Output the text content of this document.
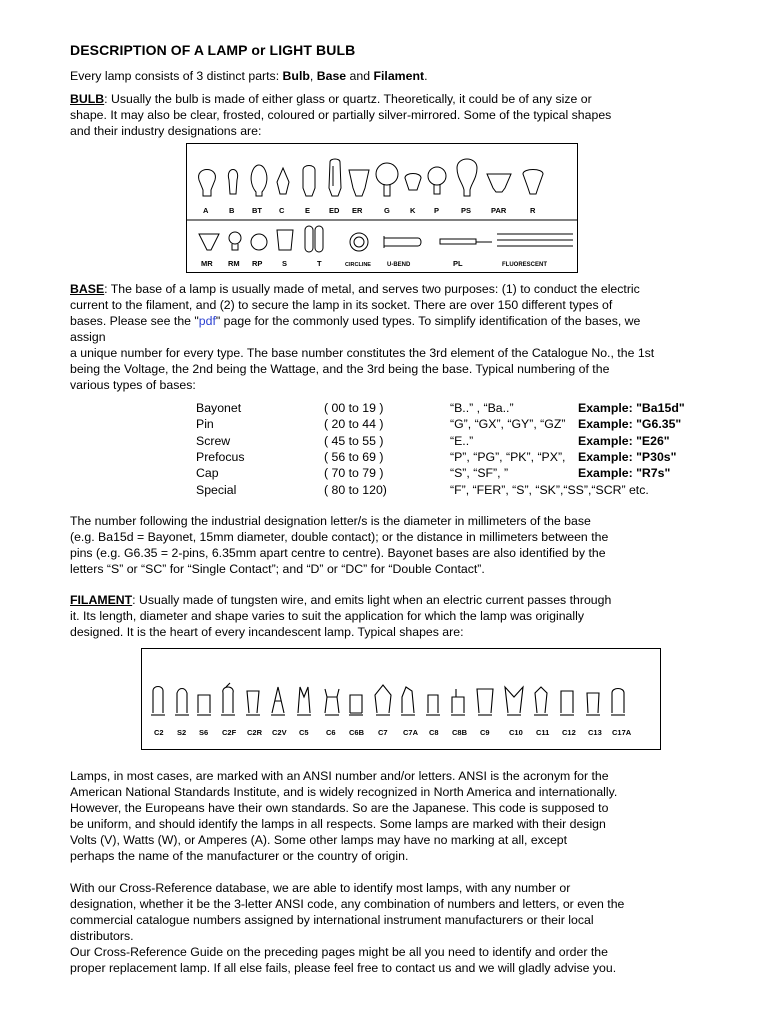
DESCRIPTION OF A LAMP or LIGHT BULB
Every lamp consists of 3 distinct parts: Bulb, Base and Filament.
BULB: Usually the bulb is made of either glass or quartz. Theoretically, it could be of any size or
shape. It may also be clear, frosted, coloured or partially silver-mirrored. Some of the typical shapes
and their industry designations are:
A	B BT C	E	ED ER	G	K P	PS	PAR	R
MR RM RP	S	T	CIRCLINE	U-BEND	PL	FLUORESCENT
BASE: The base of a lamp is usually made of metal, and serves two purposes: (1) to conduct the electric
current to the filament, and (2) to secure the lamp in its socket. There are over 150 different types of
bases. Please see the "pdf" page for the commonly used types. To simplify identification of the bases, we
assign
a unique number for every type. The base number constitutes the 3rd element of the Catalogue No., the 1st
being the Voltage, the 2nd being the Wattage, and the 3rd being the base. Typical numbering of the
various types of bases:
Bayonet	( 00 to 19 )	“B..” , “Ba..”	Example: "Ba15d"
Pin	( 20 to 44 )	“G”, “GX”, “GY”, “GZ”	Example: "G6.35"
Screw	( 45 to 55 )	“E..”	Example: "E26"
Prefocus	( 56 to 69 )	“P”, “PG”, “PK”, “PX”,	Example: "P30s"
Cap	( 70 to 79 )	“S”, “SF”, ”	Example: "R7s"
Special	( 80 to 120)	“F”, “FER”, “S”, “SK”,“SS”,“SCR” etc.	
The number following the industrial designation letter/s is the diameter in millimeters of the base
(e.g. Ba15d = Bayonet, 15mm diameter, double contact); or the distance in millimeters between the
pins (e.g. G6.35 = 2-pins, 6.35mm apart centre to centre). Bayonet bases are also identified by the
letters “S” or “SC” for “Single Contact”; and “D” or “DC” for “Double Contact”.
FILAMENT: Usually made of tungsten wire, and emits light when an electric current passes through
it. Its length, diameter and shape varies to suit the application for which the lamp was originally
designed. It is the heart of every incandescent lamp. Typical shapes are:
C2 S2 S6 C2F C2R C2V C5 C6 C6B C7 C7A C8 C8B C9	C10 C11 C12 C13 C17A
Lamps, in most cases, are marked with an ANSI number and/or letters. ANSI is the acronym for the
American National Standards Institute, and is widely recognized in North America and internationally.
However, the Europeans have their own standards. So are the Japanese. This code is supposed to
be uniform, and should identify the lamps in all respects. Some lamps are marked with their design
Volts (V), Watts (W), or Amperes (A). Some other lamps may have no marking at all, except
perhaps the name of the manufacturer or the country of origin.
With our Cross-Reference database, we are able to identify most lamps, with any number or
designation, whether it be the 3-letter ANSI code, any combination of numbers and letters, or even the
commercial catalogue numbers assigned by international instrument manufacturers or their local
distributors.
Our Cross-Reference Guide on the preceding pages might be all you need to identify and order the
proper replacement lamp. If all else fails, please feel free to contact us and we will gladly advise you.
